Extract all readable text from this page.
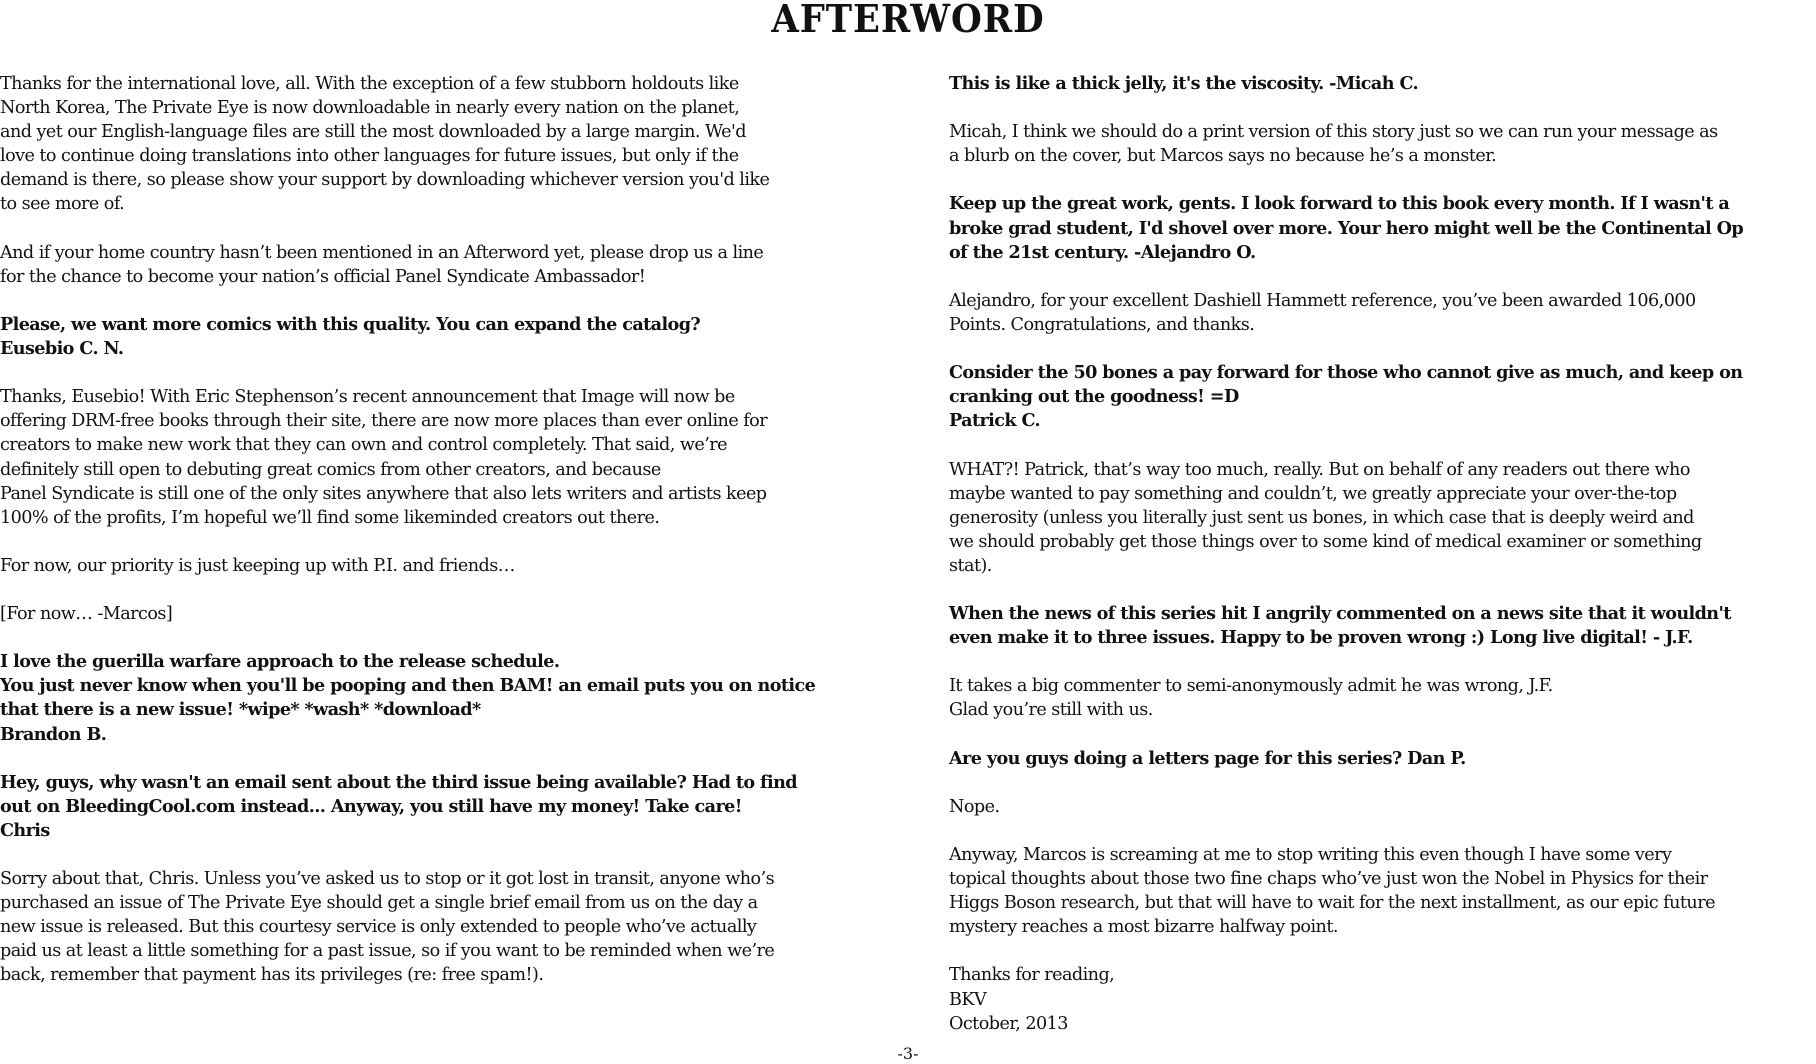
AFTERWORD
Thanks for the international love, all. With the exception of a few stubborn holdouts like
North Korea, The Private Eye is now downloadable in nearly every nation on the planet,
and yet our English-language files are still the most downloaded by a large margin. We'd
love to continue doing translations into other languages for future issues, but only if the
demand is there, so please show your support by downloading whichever version you'd like
to see more of.
And if your home country hasn’t been mentioned in an Afterword yet, please drop us a line
for the chance to become your nation’s official Panel Syndicate Ambassador!
Please, we want more comics with this quality. You can expand the catalog?
Eusebio C. N.
Thanks, Eusebio! With Eric Stephenson’s recent announcement that Image will now be
offering DRM-free books through their site, there are now more places than ever online for
creators to make new work that they can own and control completely. That said, we’re
definitely still open to debuting great comics from other creators, and because
Panel Syndicate is still one of the only sites anywhere that also lets writers and artists keep
100% of the profits, I’m hopeful we’ll find some likeminded creators out there.
For now, our priority is just keeping up with P.I. and friends…
[For now… -Marcos]
I love the guerilla warfare approach to the release schedule.
You just never know when you'll be pooping and then BAM! an email puts you on notice
that there is a new issue! *wipe* *wash* *download*
Brandon B.
Hey, guys, why wasn't an email sent about the third issue being available? Had to find
out on BleedingCool.com instead... Anyway, you still have my money! Take care!
Chris
Sorry about that, Chris. Unless you’ve asked us to stop or it got lost in transit, anyone who’s
purchased an issue of The Private Eye should get a single brief email from us on the day a
new issue is released. But this courtesy service is only extended to people who’ve actually
paid us at least a little something for a past issue, so if you want to be reminded when we’re
back, remember that payment has its privileges (re: free spam!).
This is like a thick jelly, it's the viscosity. -Micah C.
Micah, I think we should do a print version of this story just so we can run your message as
a blurb on the cover, but Marcos says no because he’s a monster.
Keep up the great work, gents. I look forward to this book every month. If I wasn't a
broke grad student, I'd shovel over more. Your hero might well be the Continental Op
of the 21st century. -Alejandro O.
Alejandro, for your excellent Dashiell Hammett reference, you’ve been awarded 106,000
Points. Congratulations, and thanks.
Consider the 50 bones a pay forward for those who cannot give as much, and keep on
cranking out the goodness! =D
Patrick C.
WHAT?! Patrick, that’s way too much, really. But on behalf of any readers out there who
maybe wanted to pay something and couldn’t, we greatly appreciate your over-the-top
generosity (unless you literally just sent us bones, in which case that is deeply weird and
we should probably get those things over to some kind of medical examiner or something
stat).
When the news of this series hit I angrily commented on a news site that it wouldn't
even make it to three issues. Happy to be proven wrong :) Long live digital! - J.F.
It takes a big commenter to semi-anonymously admit he was wrong, J.F.
Glad you’re still with us.
Are you guys doing a letters page for this series? Dan P.
Nope.
Anyway, Marcos is screaming at me to stop writing this even though I have some very
topical thoughts about those two fine chaps who’ve just won the Nobel in Physics for their
Higgs Boson research, but that will have to wait for the next installment, as our epic future
mystery reaches a most bizarre halfway point.
Thanks for reading,
BKV
October, 2013
-3-
